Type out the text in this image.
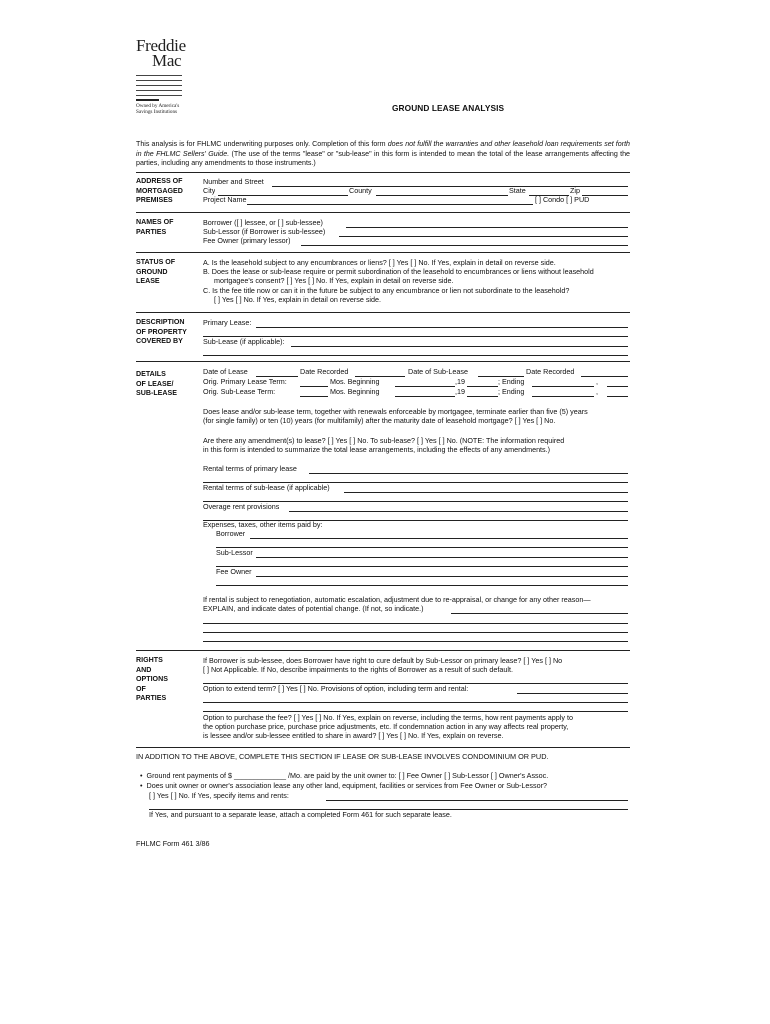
Freddie
Mac
Owned by America's
Savings Institutions	GROUND LEASE ANALYSIS
This analysis is for FHLMC underwriting purposes only. Completion of this form does not fulfill the warranties and other leasehold loan requirements set forth in the FHLMC Sellers' Guide. (The use of the terms "lease" or "sub-lease" in this form is intended to mean the total of the lease arrangements affecting the parties, including any amendments to those instruments.)
ADDRESS OF
MORTGAGED
PREMISES
Number and Street
City	County	State	Zip
Project Name	[ ] Condo [ ] PUD
NAMES OF
PARTIES
Borrower ([ ] lessee, or [ ] sub-lessee)
Sub-Lessor (if Borrower is sub-lessee)
Fee Owner (primary lessor)
STATUS OF
GROUND
LEASE
A. Is the leasehold subject to any encumbrances or liens? [ ] Yes [ ] No. If Yes, explain in detail on reverse side.
B. Does the lease or sub-lease require or permit subordination of the leasehold to encumbrances or liens without leasehold
mortgagee's consent? [ ] Yes [ ] No. If Yes, explain in detail on reverse side.
C. Is the fee title now or can it in the future be subject to any encumbrance or lien not subordinate to the leasehold?
[ ] Yes [ ] No. If Yes, explain in detail on reverse side.
DESCRIPTION
OF PROPERTY
COVERED BY
Primary Lease:
Sub-Lease (if applicable):
DETAILS
OF LEASE/
SUB-LEASE
Date of Lease	Date Recorded	Date of Sub-Lease	Date Recorded
Orig. Primary Lease Term:	Mos. Beginning	,19	; Ending	,
Orig. Sub-Lease Term:	Mos. Beginning	,19	; Ending	,
Does lease and/or sub-lease term, together with renewals enforceable by mortgagee, terminate earlier than five (5) years
(for single family) or ten (10) years (for multifamily) after the maturity date of leasehold mortgage? [ ] Yes [ ] No.
Are there any amendment(s) to lease? [ ] Yes [ ] No. To sub-lease? [ ] Yes [ ] No. (NOTE: The information required
in this form is intended to summarize the total lease arrangements, including the effects of any amendments.)
Rental terms of primary lease
Rental terms of sub-lease (if applicable)
Overage rent provisions
Expenses, taxes, other items paid by:
Borrower
Sub-Lessor
Fee Owner
If rental is subject to renegotiation, automatic escalation, adjustment due to re-appraisal, or change for any other reason—
EXPLAIN, and indicate dates of potential change. (If not, so indicate.)
RIGHTS
AND
OPTIONS
OF
PARTIES
If Borrower is sub-lessee, does Borrower have right to cure default by Sub-Lessor on primary lease? [ ] Yes [ ] No
[ ] Not Applicable. If No, describe impairments to the rights of Borrower as a result of such default.
Option to extend term? [ ] Yes [ ] No. Provisions of option, including term and rental:
Option to purchase the fee? [ ] Yes [ ] No. If Yes, explain on reverse, including the terms, how rent payments apply to
the option purchase price, purchase price adjustments, etc. If condemnation action in any way affects real property,
is lessee and/or sub-lessee entitled to share in award? [ ] Yes [ ] No. If Yes, explain on reverse.
IN ADDITION TO THE ABOVE, COMPLETE THIS SECTION IF LEASE OR SUB-LEASE INVOLVES CONDOMINIUM OR PUD.
• Ground rent payments of $ _____________ /Mo. are paid by the unit owner to: [ ] Fee Owner [ ] Sub-Lessor [ ] Owner's Assoc.
• Does unit owner or owner's association lease any other land, equipment, facilities or services from Fee Owner or Sub-Lessor?
[ ] Yes [ ] No. If Yes, specify items and rents:
If Yes, and pursuant to a separate lease, attach a completed Form 461 for such separate lease.
FHLMC Form 461 3/86
